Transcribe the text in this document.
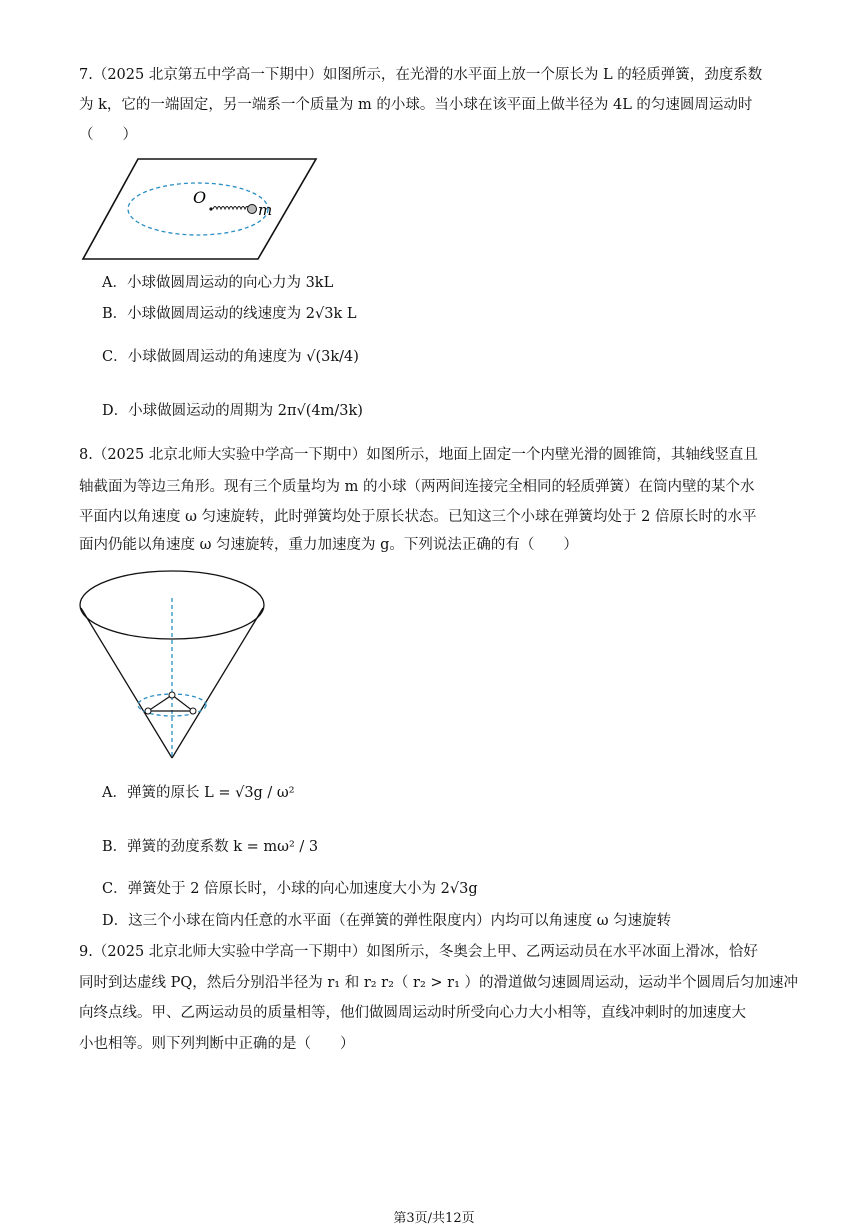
7.（2025 北京第五中学高一下期中）如图所示，在光滑的水平面上放一个原长为 L 的轻质弹簧，劲度系数
为 k，它的一端固定，另一端系一个质量为 m 的小球。当小球在该平面上做半径为 4L 的匀速圆周运动时
（　　）
O
m
A．小球做圆周运动的向心力为 3kL
B．小球做圆周运动的线速度为 2√3k L
C．小球做圆周运动的角速度为 √(3k/4)
D．小球做圆运动的周期为 2π√(4m/3k)
8.（2025 北京北师大实验中学高一下期中）如图所示，地面上固定一个内壁光滑的圆锥筒，其轴线竖直且
轴截面为等边三角形。现有三个质量均为 m 的小球（两两间连接完全相同的轻质弹簧）在筒内壁的某个水
平面内以角速度 ω 匀速旋转，此时弹簧均处于原长状态。已知这三个小球在弹簧均处于 2 倍原长时的水平
面内仍能以角速度 ω 匀速旋转，重力加速度为 g。下列说法正确的有（　　）
A．弹簧的原长 L = √3g / ω²
B．弹簧的劲度系数 k = mω² / 3
C．弹簧处于 2 倍原长时，小球的向心加速度大小为 2√3g
D．这三个小球在筒内任意的水平面（在弹簧的弹性限度内）内均可以角速度 ω 匀速旋转
9.（2025 北京北师大实验中学高一下期中）如图所示，冬奥会上甲、乙两运动员在水平冰面上滑冰，恰好
同时到达虚线 PQ，然后分别沿半径为 r₁ 和 r₂ r₂（ r₂ > r₁ ）的滑道做匀速圆周运动，运动半个圆周后匀加速冲
向终点线。甲、乙两运动员的质量相等，他们做圆周运动时所受向心力大小相等，直线冲刺时的加速度大
小也相等。则下列判断中正确的是（　　）
第3页/共12页
